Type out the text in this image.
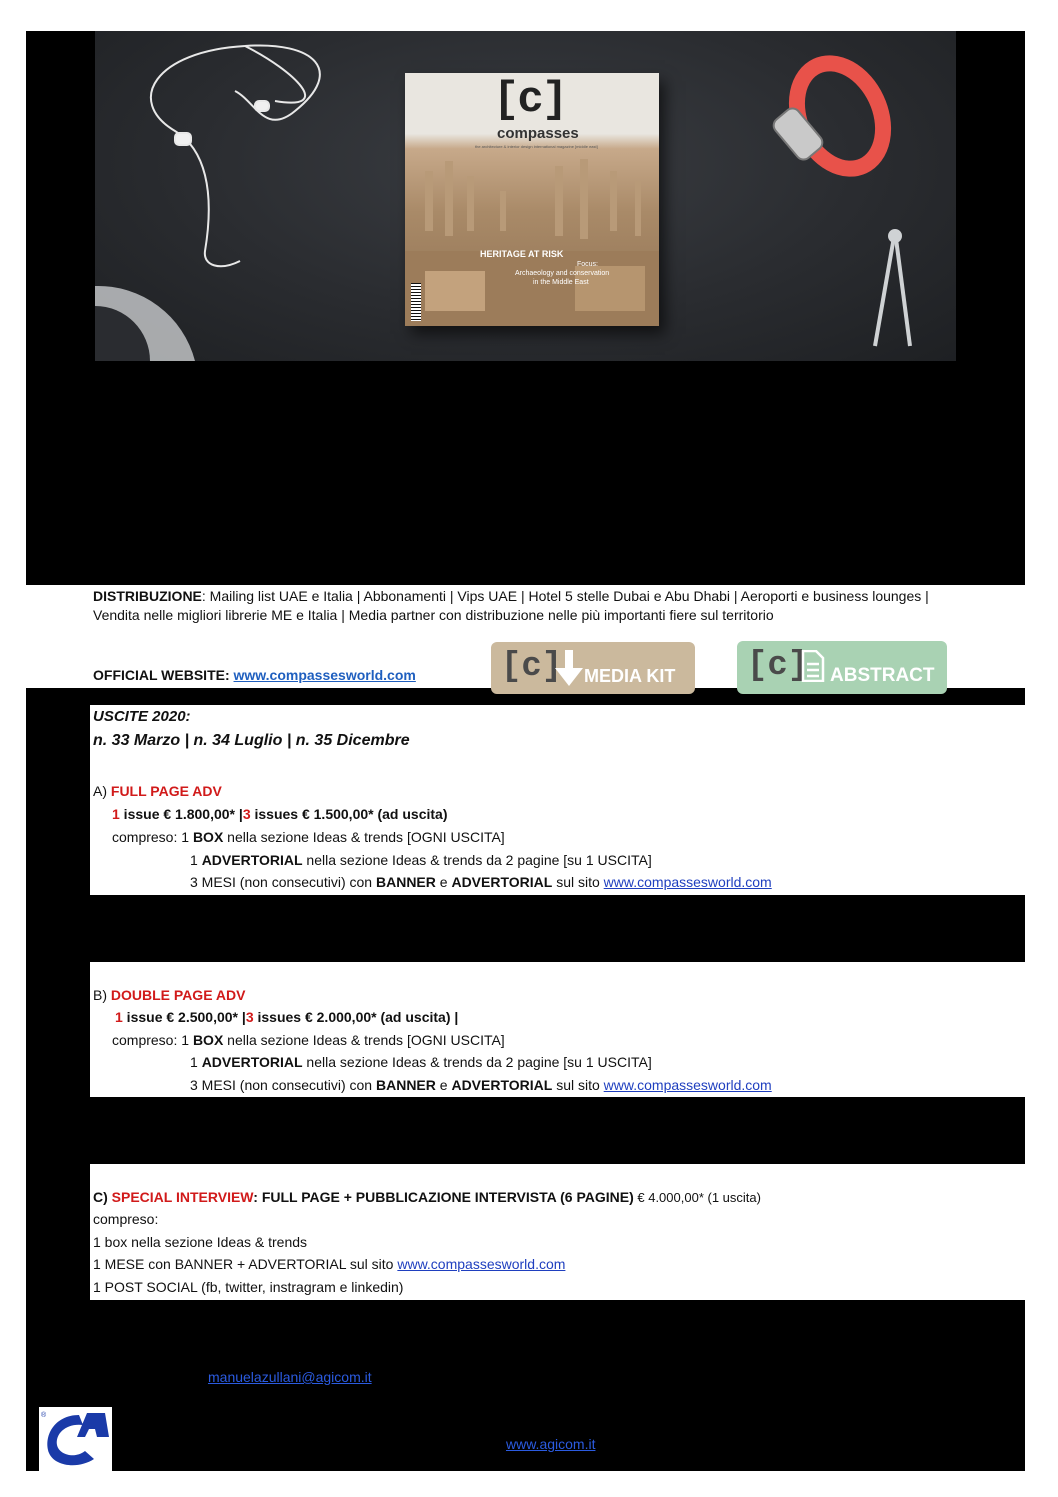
[c]
compasses
the architecture & interior design international magazine [middle east]
HERITAGE AT RISK
Focus:
Archaeology and conservation
in the Middle East
DISTRIBUZIONE: Mailing list UAE e Italia | Abbonamenti | Vips UAE | Hotel 5 stelle Dubai e Abu Dhabi | Aeroporti e business lounges |
Vendita nelle migliori librerie ME e Italia | Media partner con distribuzione nelle più importanti fiere sul territorio
OFFICIAL WEBSITE: www.compassesworld.com	[c] MEDIA KIT [c] ABSTRACT
USCITE 2020:
n. 33 Marzo | n. 34 Luglio | n. 35 Dicembre
A) FULL PAGE ADV
1 issue € 1.800,00* |3 issues € 1.500,00* (ad uscita)
compreso: 1 BOX nella sezione Ideas & trends [OGNI USCITA]
1 ADVERTORIAL nella sezione Ideas & trends da 2 pagine [su 1 USCITA]
3 MESI (non consecutivi) con BANNER e ADVERTORIAL sul sito www.compassesworld.com
B) DOUBLE PAGE ADV
1 issue € 2.500,00* |3 issues € 2.000,00* (ad uscita) |
compreso: 1 BOX nella sezione Ideas & trends [OGNI USCITA]
1 ADVERTORIAL nella sezione Ideas & trends da 2 pagine [su 1 USCITA]
3 MESI (non consecutivi) con BANNER e ADVERTORIAL sul sito www.compassesworld.com
C) SPECIAL INTERVIEW: FULL PAGE + PUBBLICAZIONE INTERVISTA (6 PAGINE) € 4.000,00* (1 uscita)
compreso:
1 box nella sezione Ideas & trends
1 MESE con BANNER + ADVERTORIAL sul sito www.compassesworld.com
1 POST SOCIAL (fb, twitter, instragram e linkedin)
manuelazullani@agicom.it
®
www.agicom.it
